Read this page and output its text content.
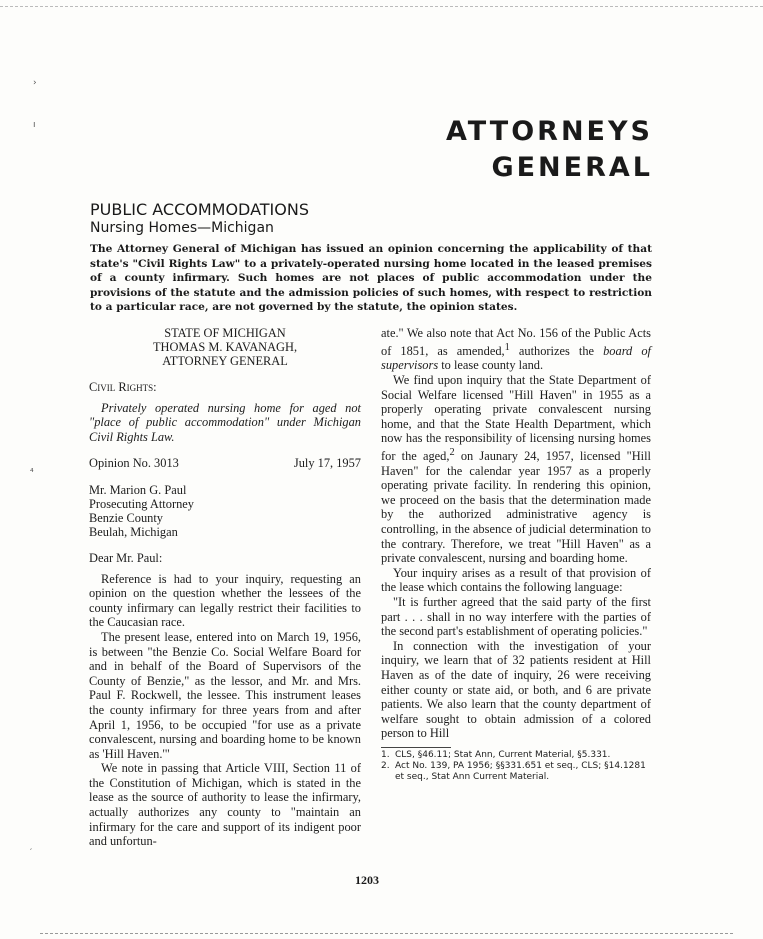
›
ı
⁴
′
ATTORNEYS
GENERAL
PUBLIC ACCOMMODATIONS
Nursing Homes—Michigan
The Attorney General of Michigan has issued an opinion concerning the applicability of that state's "Civil Rights Law" to a privately-operated nursing home located in the leased premises of a county infirmary. Such homes are not places of public accommodation under the provisions of the statute and the admission policies of such homes, with respect to restriction to a particular race, are not governed by the statute, the opinion states.
STATE OF MICHIGAN
THOMAS M. KAVANAGH,
ATTORNEY GENERAL
Civil Rights:
Privately operated nursing home for aged not "place of public accommodation" under Michigan Civil Rights Law.
Opinion No. 3013	July 17, 1957
Mr. Marion G. Paul
Prosecuting Attorney
Benzie County
Beulah, Michigan
Dear Mr. Paul:

Reference is had to your inquiry, requesting an opinion on the question whether the lessees of the county infirmary can legally restrict their facilities to the Caucasian race.

The present lease, entered into on March 19, 1956, is between "the Benzie Co. Social Welfare Board for and in behalf of the Board of Supervisors of the County of Benzie," as the lessor, and Mr. and Mrs. Paul F. Rockwell, the lessee. This instrument leases the county infirmary for three years from and after April 1, 1956, to be occupied "for use as a private convalescent, nursing and boarding home to be known as 'Hill Haven.'"

We note in passing that Article VIII, Section 11 of the Constitution of Michigan, which is stated in the lease as the source of authority to lease the infirmary, actually authorizes any county to "maintain an infirmary for the care and support of its indigent poor and unfortun-

ate." We also note that Act No. 156 of the Public Acts of 1851, as amended,$^1$ authorizes the board of supervisors to lease county land.

We find upon inquiry that the State Department of Social Welfare licensed "Hill Haven" in 1955 as a properly operating private convalescent nursing home, and that the State Health Department, which now has the responsibility of licensing nursing homes for the aged,$^2$ on Jaunary 24, 1957, licensed "Hill Haven" for the calendar year 1957 as a properly operating private facility. In rendering this opinion, we proceed on the basis that the determination made by the authorized administrative agency is controlling, in the absence of judicial determination to the contrary. Therefore, we treat "Hill Haven" as a private convalescent, nursing and boarding home.

Your inquiry arises as a result of that provision of the lease which contains the following language:

"It is further agreed that the said party of the first part . . . shall in no way interfere with the parties of the second part's establishment of operating policies."

In connection with the investigation of your inquiry, we learn that of 32 patients resident at Hill Haven as of the date of inquiry, 26 were receiving either county or state aid, or both, and 6 are private patients. We also learn that the county department of welfare sought to obtain admission of a colored person to Hill

1. CLS, §46.11; Stat Ann, Current Material, §5.331.
2. Act No. 139, PA 1956; §§331.651 et seq., CLS; §14.1281 et seq., Stat Ann Current Material.
1203
